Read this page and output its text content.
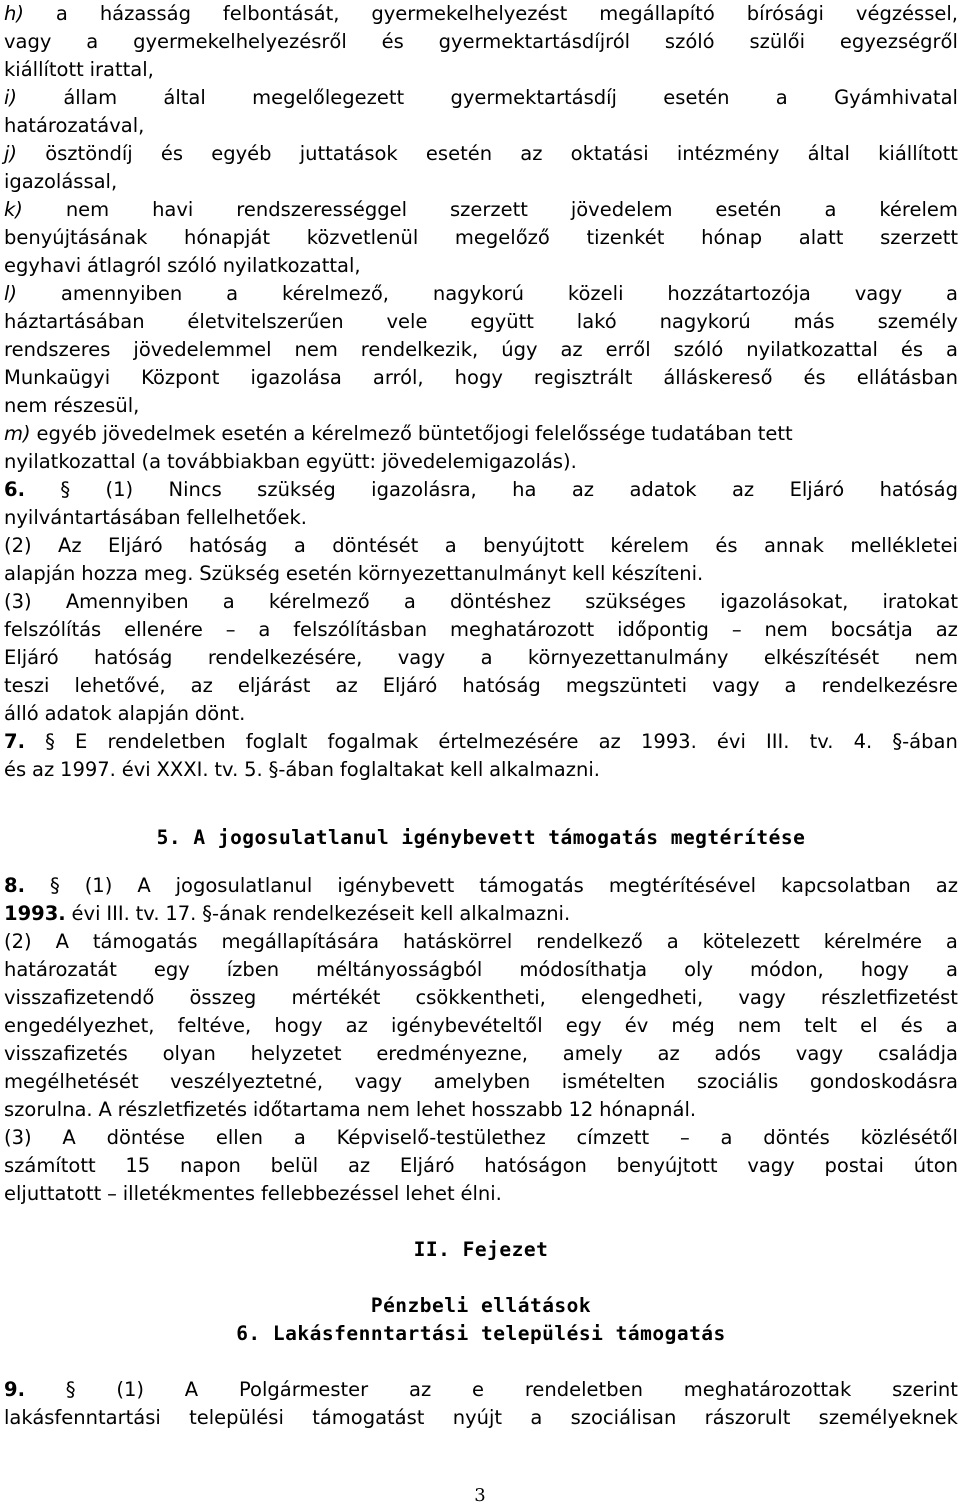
h) a házasság felbontását, gyermekelhelyezést megállapító bírósági végzéssel,
vagy a gyermekelhelyezésről és gyermektartásdíjról szóló szülői egyezségről
kiállított irattal,
i) állam által megelőlegezett gyermektartásdíj esetén a Gyámhivatal
határozatával,
j) ösztöndíj és egyéb juttatások esetén az oktatási intézmény által kiállított
igazolással,
k) nem havi rendszerességgel szerzett jövedelem esetén a kérelem
benyújtásának hónapját közvetlenül megelőző tizenkét hónap alatt szerzett
egyhavi átlagról szóló nyilatkozattal,
l) amennyiben a kérelmező, nagykorú közeli hozzátartozója vagy a
háztartásában életvitelszerűen vele együtt lakó nagykorú más személy
rendszeres jövedelemmel nem rendelkezik, úgy az erről szóló nyilatkozattal és a
Munkaügyi Központ igazolása arról, hogy regisztrált álláskereső és ellátásban
nem részesül,
m) egyéb jövedelmek esetén a kérelmező büntetőjogi felelőssége tudatában tett
nyilatkozattal (a továbbiakban együtt: jövedelemigazolás).
6. § (1) Nincs szükség igazolásra, ha az adatok az Eljáró hatóság
nyilvántartásában fellelhetőek.
(2) Az Eljáró hatóság a döntését a benyújtott kérelem és annak mellékletei
alapján hozza meg. Szükség esetén környezettanulmányt kell készíteni.
(3) Amennyiben a kérelmező a döntéshez szükséges igazolásokat, iratokat
felszólítás ellenére – a felszólításban meghatározott időpontig – nem bocsátja az
Eljáró hatóság rendelkezésére, vagy a környezettanulmány elkészítését nem
teszi lehetővé, az eljárást az Eljáró hatóság megszünteti vagy a rendelkezésre
álló adatok alapján dönt.
7. § E rendeletben foglalt fogalmak értelmezésére az 1993. évi III. tv. 4. §-ában
és az 1997. évi XXXI. tv. 5. §-ában foglaltakat kell alkalmazni.
5. A jogosulatlanul igénybevett támogatás megtérítése
8. § (1) A jogosulatlanul igénybevett támogatás megtérítésével kapcsolatban az
1993. évi III. tv. 17. §-ának rendelkezéseit kell alkalmazni.
(2) A támogatás megállapítására hatáskörrel rendelkező a kötelezett kérelmére a
határozatát egy ízben méltányosságból módosíthatja oly módon, hogy a
visszafizetendő összeg mértékét csökkentheti, elengedheti, vagy részletfizetést
engedélyezhet, feltéve, hogy az igénybevételtől egy év még nem telt el és a
visszafizetés olyan helyzetet eredményezne, amely az adós vagy családja
megélhetését veszélyeztetné, vagy amelyben ismételten szociális gondoskodásra
szorulna. A részletfizetés időtartama nem lehet hosszabb 12 hónapnál.
(3) A döntése ellen a Képviselő-testülethez címzett – a döntés közlésétől
számított 15 napon belül az Eljáró hatóságon benyújtott vagy postai úton
eljuttatott – illetékmentes fellebbezéssel lehet élni.
II. Fejezet
Pénzbeli ellátások
6. Lakásfenntartási települési támogatás
9. § (1) A Polgármester az e rendeletben meghatározottak szerint
lakásfenntartási települési támogatást nyújt a szociálisan rászorult személyeknek
3
